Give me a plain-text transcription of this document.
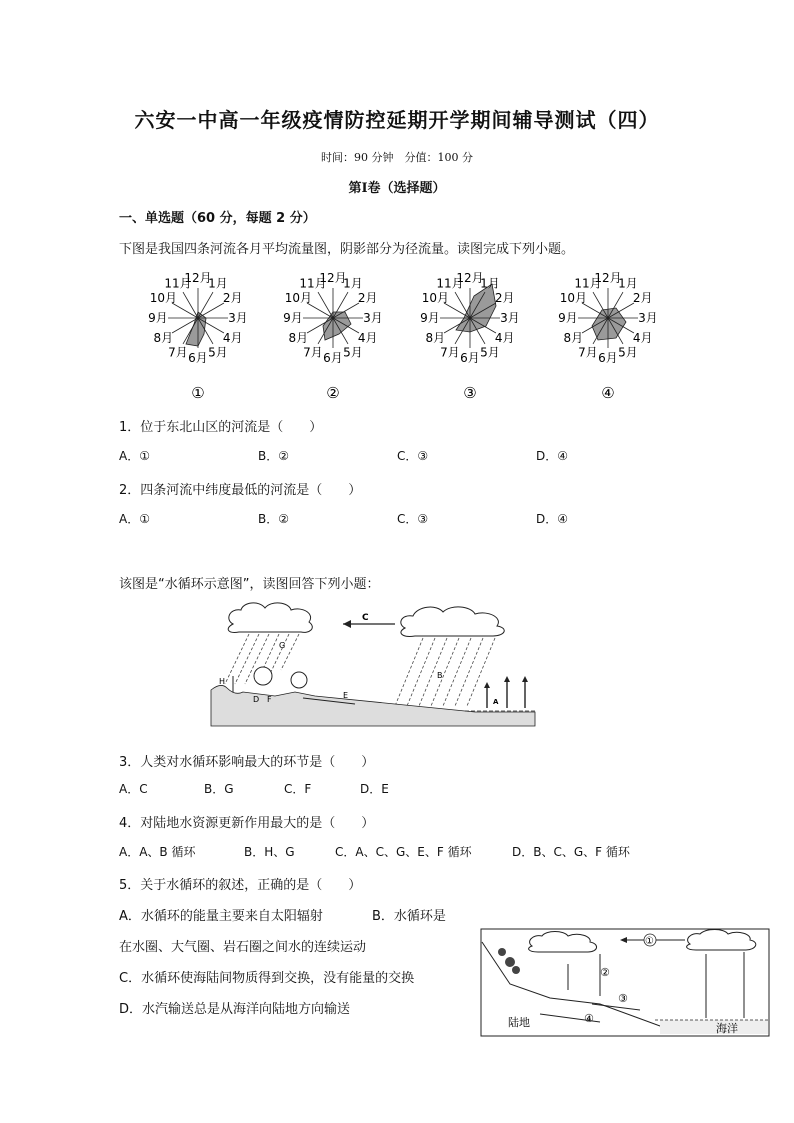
六安一中高一年级疫情防控延期开学期间辅导测试（四）
时间：90 分钟　分值：100 分
第Ⅰ卷（选择题）
一、单选题（60 分，每题 2 分）
下图是我国四条河流各月平均流量图，阴影部分为径流量。读图完成下列小题。
1月
2月
3月
4月
5月
6月
7月
8月
9月
10月
11月
12月
①
1月
2月
3月
4月
5月
6月
7月
8月
9月
10月
11月
12月
②
1月
2月
3月
4月
5月
6月
7月
8月
9月
10月
11月
12月
③
1月
2月
3月
4月
5月
6月
7月
8月
9月
10月
11月
12月
④
1．位于东北山区的河流是（　　）
A．①	B．②	C．③	D．④
2．四条河流中纬度最低的河流是（　　）
A．①	B．②	C．③	D．④
该图是“水循环示意图”，读图回答下列小题：
C
G
B
A
H
F
D	E
3．人类对水循环影响最大的环节是（　　）
A．C	B．G	C．F	D．E
4．对陆地水资源更新作用最大的是（　　）
A．A、B 循环	B．H、G	C．A、C、G、E、F 循环	D．B、C、G、F 循环
5．关于水循环的叙述，正确的是（　　）
A．水循环的能量主要来自太阳辐射	B．水循环是
在水圈、大气圈、岩石圈之间水的连续运动
C．水循环使海陆间物质得到交换，没有能量的交换
D．水汽输送总是从海洋向陆地方向输送
①
②
③
④
陆地	海洋
